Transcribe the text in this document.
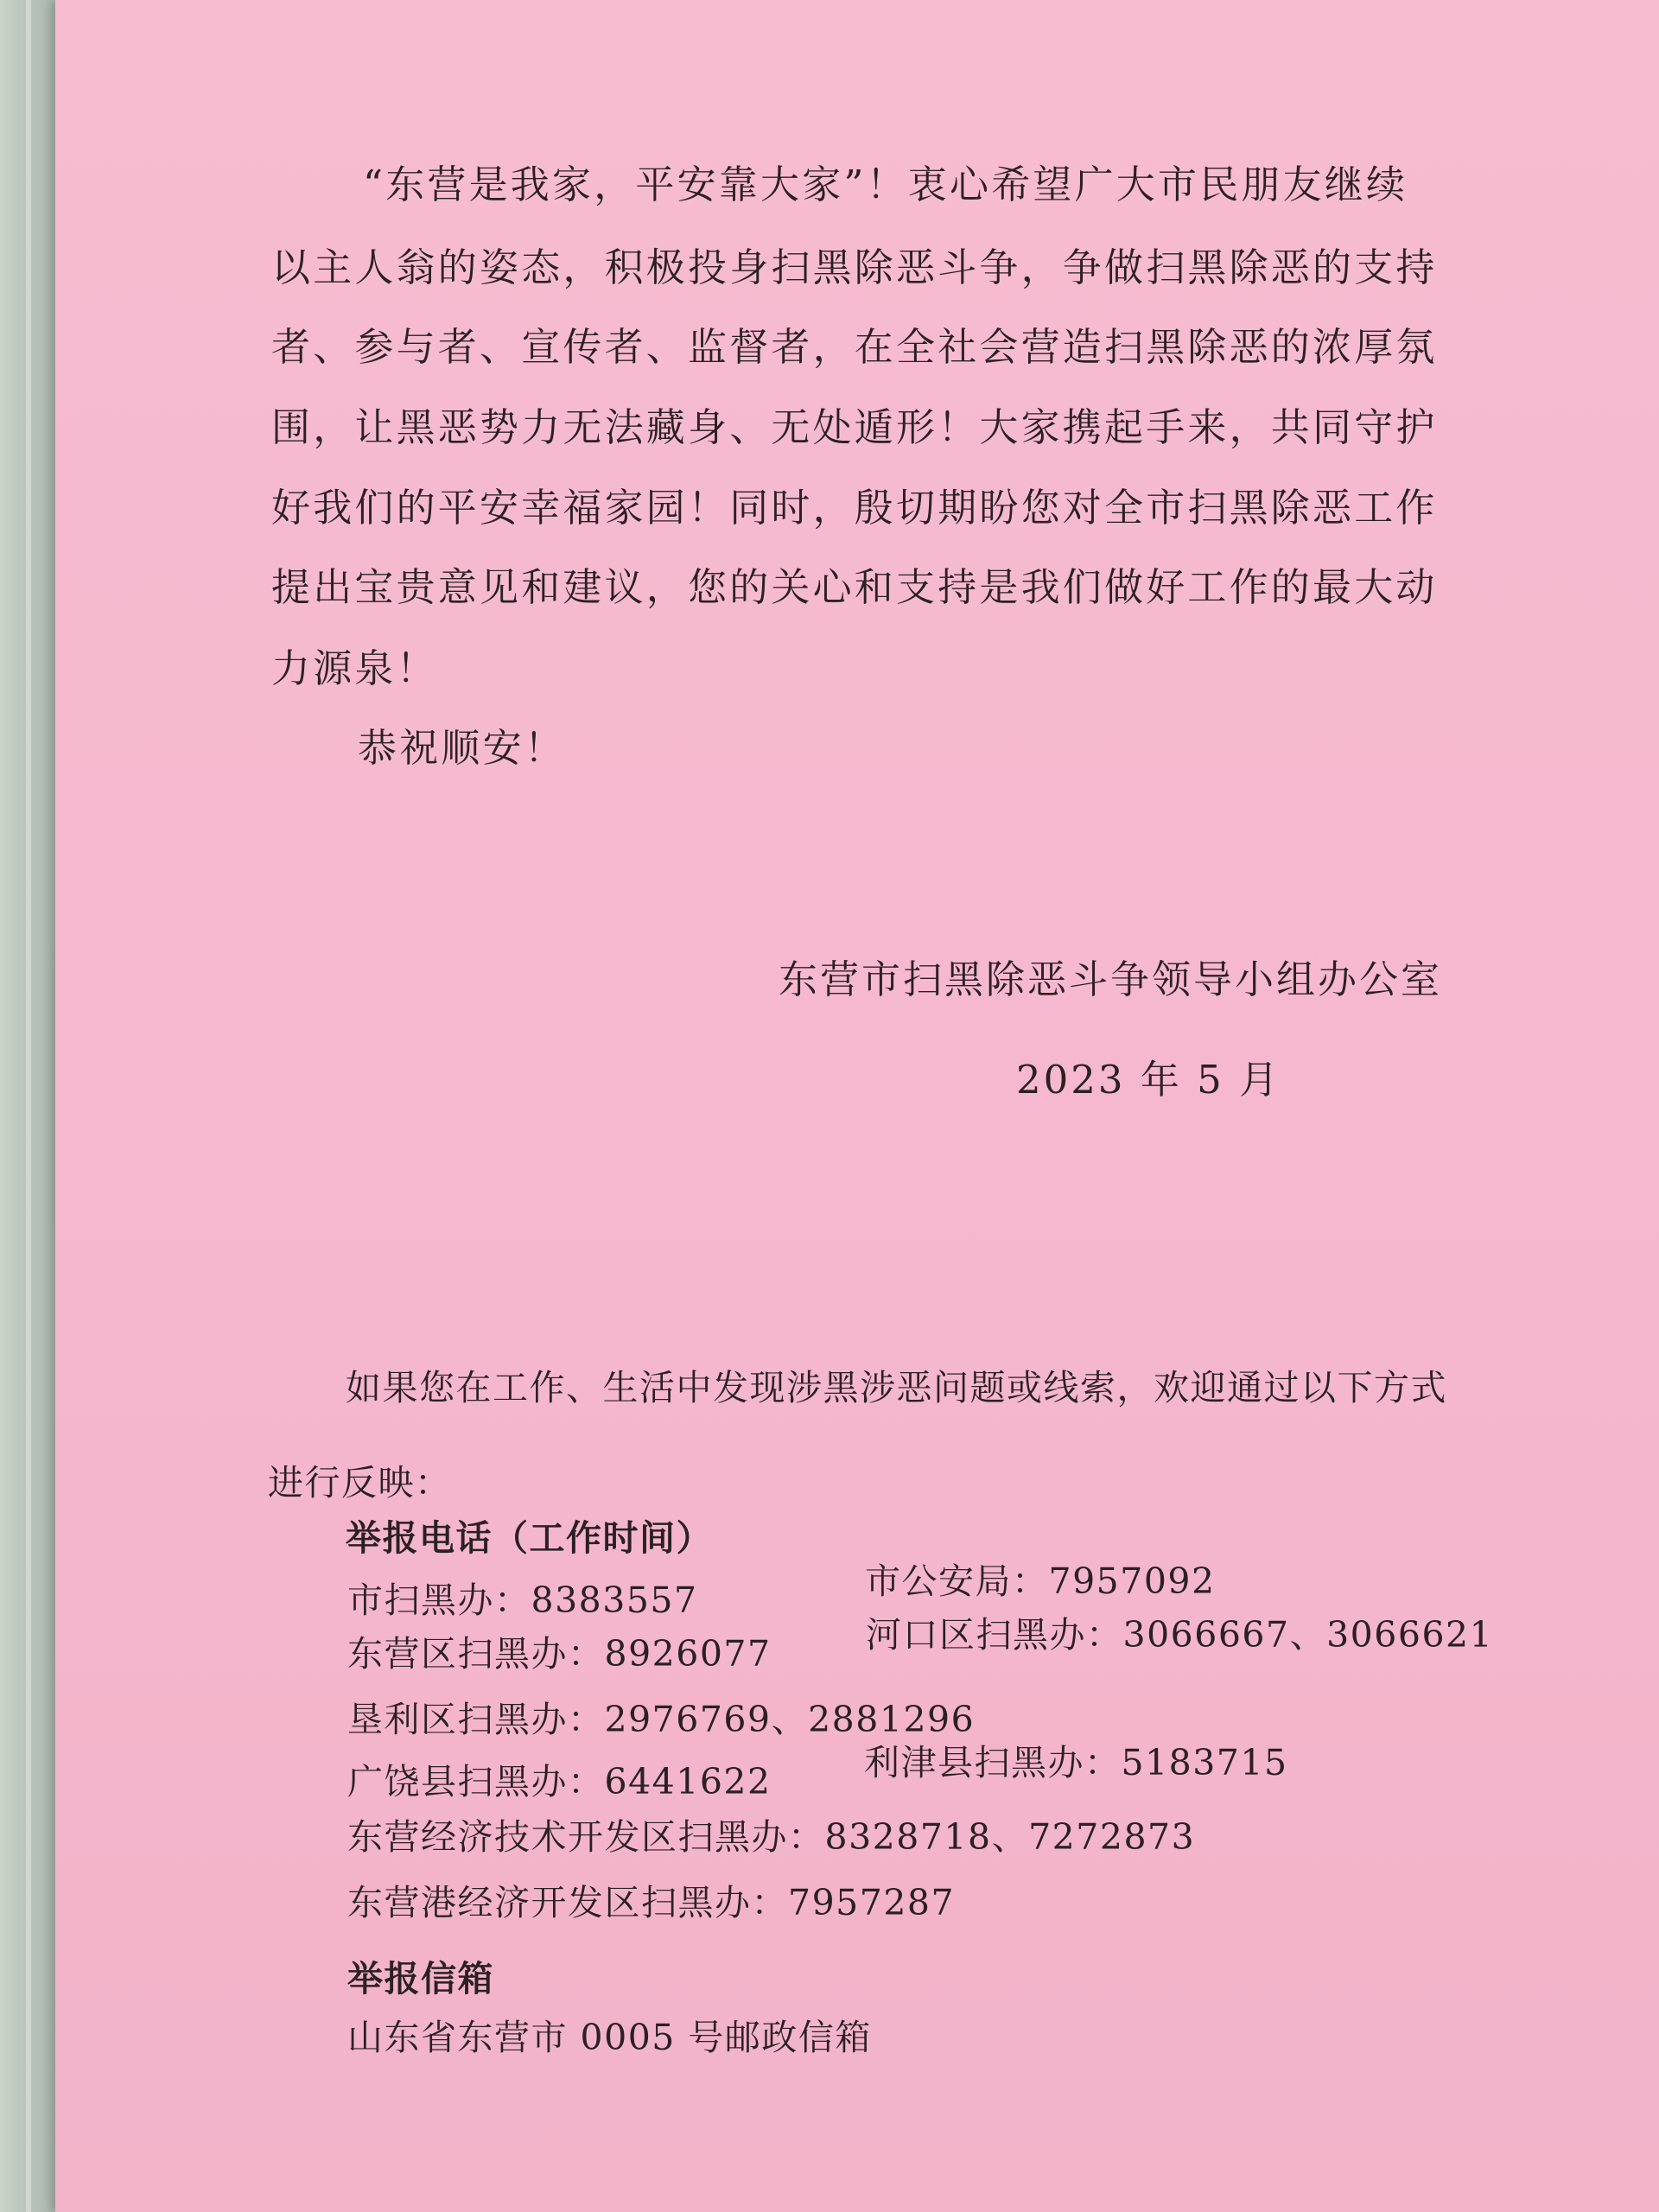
“东营是我家，平安靠大家”！衷心希望广大市民朋友继续
以主人翁的姿态，积极投身扫黑除恶斗争，争做扫黑除恶的支持
者、参与者、宣传者、监督者，在全社会营造扫黑除恶的浓厚氛
围，让黑恶势力无法藏身、无处遁形！大家携起手来，共同守护
好我们的平安幸福家园！同时，殷切期盼您对全市扫黑除恶工作
提出宝贵意见和建议，您的关心和支持是我们做好工作的最大动
力源泉！
恭祝顺安！
东营市扫黑除恶斗争领导小组办公室
2023 年 5 月
如果您在工作、生活中发现涉黑涉恶问题或线索，欢迎通过以下方式
进行反映：
举报电话（工作时间）
市扫黑办：8383557	市公安局：7957092
东营区扫黑办：8926077	河口区扫黑办：3066667、3066621
垦利区扫黑办：2976769、2881296
广饶县扫黑办：6441622	利津县扫黑办：5183715
东营经济技术开发区扫黑办：8328718、7272873
东营港经济开发区扫黑办：7957287
举报信箱
山东省东营市 0005 号邮政信箱
